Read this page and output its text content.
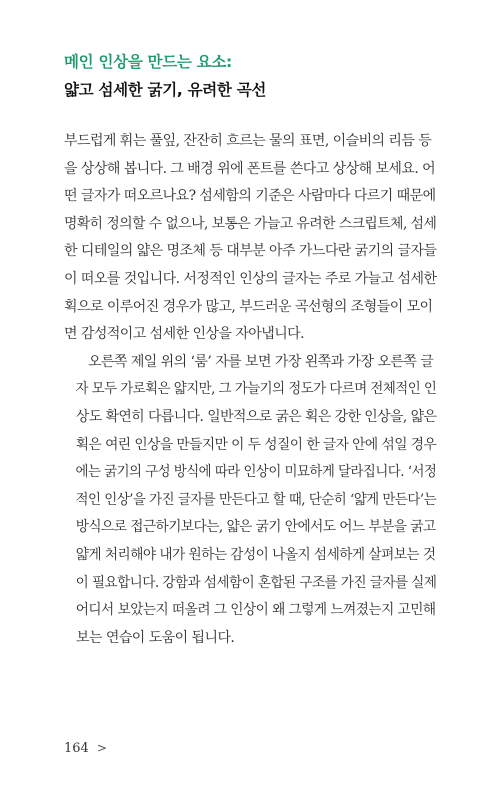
메인 인상을 만드는 요소:
얇고 섬세한 굵기, 유려한 곡선

부드럽게 휘는 풀잎, 잔잔히 흐르는 물의 표면, 이슬비의 리듬 등
을 상상해 봅니다. 그 배경 위에 폰트를 쓴다고 상상해 보세요. 어
떤 글자가 떠오르나요? 섬세함의 기준은 사람마다 다르기 때문에
명확히 정의할 수 없으나, 보통은 가늘고 유려한 스크립트체, 섬세
한 디테일의 얇은 명조체 등 대부분 아주 가느다란 굵기의 글자들
이 떠오를 것입니다. 서정적인 인상의 글자는 주로 가늘고 섬세한
획으로 이루어진 경우가 많고, 부드러운 곡선형의 조형들이 모이
면 감성적이고 섬세한 인상을 자아냅니다.

오른쪽 제일 위의 ‘룸’ 자를 보면 가장 왼쪽과 가장 오른쪽 글
자 모두 가로획은 얇지만, 그 가늘기의 정도가 다르며 전체적인 인
상도 확연히 다릅니다. 일반적으로 굵은 획은 강한 인상을, 얇은
획은 여린 인상을 만들지만 이 두 성질이 한 글자 안에 섞일 경우
에는 굵기의 구성 방식에 따라 인상이 미묘하게 달라집니다. ‘서정
적인 인상’을 가진 글자를 만든다고 할 때, 단순히 ‘얇게 만든다’는
방식으로 접근하기보다는, 얇은 굵기 안에서도 어느 부분을 굵고
얇게 처리해야 내가 원하는 감성이 나올지 섬세하게 살펴보는 것
이 필요합니다. 강함과 섬세함이 혼합된 구조를 가진 글자를 실제
어디서 보았는지 떠올려 그 인상이 왜 그렇게 느껴졌는지 고민해
보는 연습이 도움이 됩니다.

164 >
